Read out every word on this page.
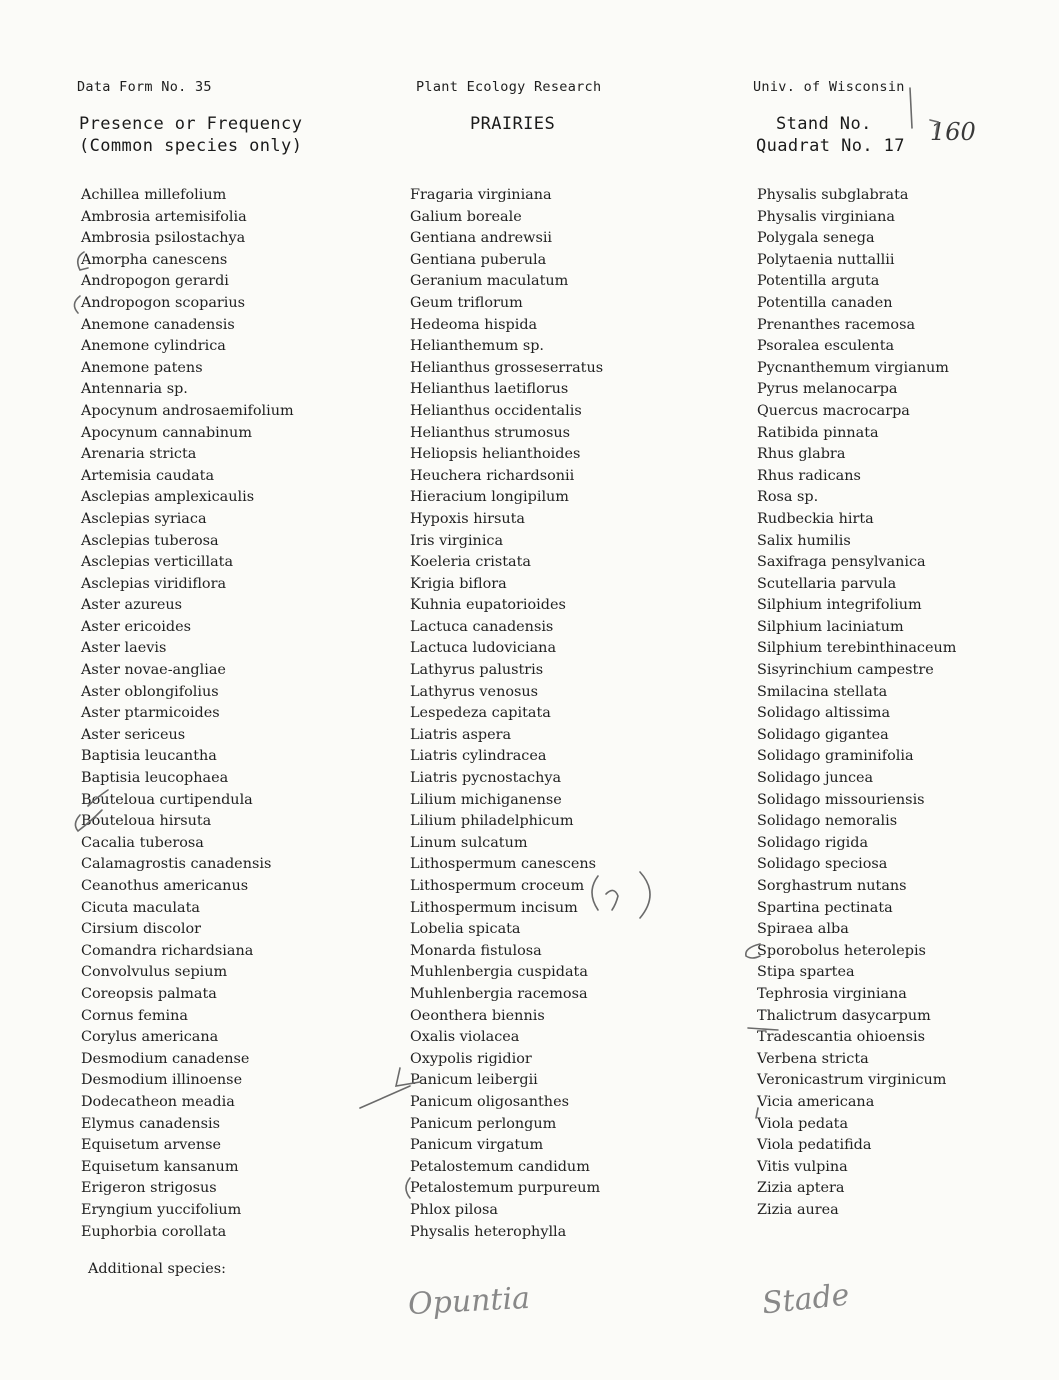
Data Form No. 35	Plant Ecology Research	Univ. of Wisconsin
Presence or Frequency
(Common species only)
PRAIRIES	Stand No.
Quadrat No. 17 160
Achillea millefolium
Ambrosia artemisifolia
Ambrosia psilostachya
Amorpha canescens
Andropogon gerardi
Andropogon scoparius
Anemone canadensis
Anemone cylindrica
Anemone patens
Antennaria sp.
Apocynum androsaemifolium
Apocynum cannabinum
Arenaria stricta
Artemisia caudata
Asclepias amplexicaulis
Asclepias syriaca
Asclepias tuberosa
Asclepias verticillata
Asclepias viridiflora
Aster azureus
Aster ericoides
Aster laevis
Aster novae-angliae
Aster oblongifolius
Aster ptarmicoides
Aster sericeus
Baptisia leucantha
Baptisia leucophaea
Bouteloua curtipendula
Bouteloua hirsuta
Cacalia tuberosa
Calamagrostis canadensis
Ceanothus americanus
Cicuta maculata
Cirsium discolor
Comandra richardsiana
Convolvulus sepium
Coreopsis palmata
Cornus femina
Corylus americana
Desmodium canadense
Desmodium illinoense
Dodecatheon meadia
Elymus canadensis
Equisetum arvense
Equisetum kansanum
Erigeron strigosus
Eryngium yuccifolium
Euphorbia corollata
Fragaria virginiana
Galium boreale
Gentiana andrewsii
Gentiana puberula
Geranium maculatum
Geum triflorum
Hedeoma hispida
Helianthemum sp.
Helianthus grosseserratus
Helianthus laetiflorus
Helianthus occidentalis
Helianthus strumosus
Heliopsis helianthoides
Heuchera richardsonii
Hieracium longipilum
Hypoxis hirsuta
Iris virginica
Koeleria cristata
Krigia biflora
Kuhnia eupatorioides
Lactuca canadensis
Lactuca ludoviciana
Lathyrus palustris
Lathyrus venosus
Lespedeza capitata
Liatris aspera
Liatris cylindracea
Liatris pycnostachya
Lilium michiganense
Lilium philadelphicum
Linum sulcatum
Lithospermum canescens
Lithospermum croceum
Lithospermum incisum
Lobelia spicata
Monarda fistulosa
Muhlenbergia cuspidata
Muhlenbergia racemosa
Oeonthera biennis
Oxalis violacea
Oxypolis rigidior
Panicum leibergii
Panicum oligosanthes
Panicum perlongum
Panicum virgatum
Petalostemum candidum
Petalostemum purpureum
Phlox pilosa
Physalis heterophylla
Physalis subglabrata
Physalis virginiana
Polygala senega
Polytaenia nuttallii
Potentilla arguta
Potentilla canaden
Prenanthes racemosa
Psoralea esculenta
Pycnanthemum virgianum
Pyrus melanocarpa
Quercus macrocarpa
Ratibida pinnata
Rhus glabra
Rhus radicans
Rosa sp.
Rudbeckia hirta
Salix humilis
Saxifraga pensylvanica
Scutellaria parvula
Silphium integrifolium
Silphium laciniatum
Silphium terebinthinaceum
Sisyrinchium campestre
Smilacina stellata
Solidago altissima
Solidago gigantea
Solidago graminifolia
Solidago juncea
Solidago missouriensis
Solidago nemoralis
Solidago rigida
Solidago speciosa
Sorghastrum nutans
Spartina pectinata
Spiraea alba
Sporobolus heterolepis
Stipa spartea
Tephrosia virginiana
Thalictrum dasycarpum
Tradescantia ohioensis
Verbena stricta
Veronicastrum virginicum
Vicia americana
Viola pedata
Viola pedatifida
Vitis vulpina
Zizia aptera
Zizia aurea
Additional species:
Opuntia	Stade
